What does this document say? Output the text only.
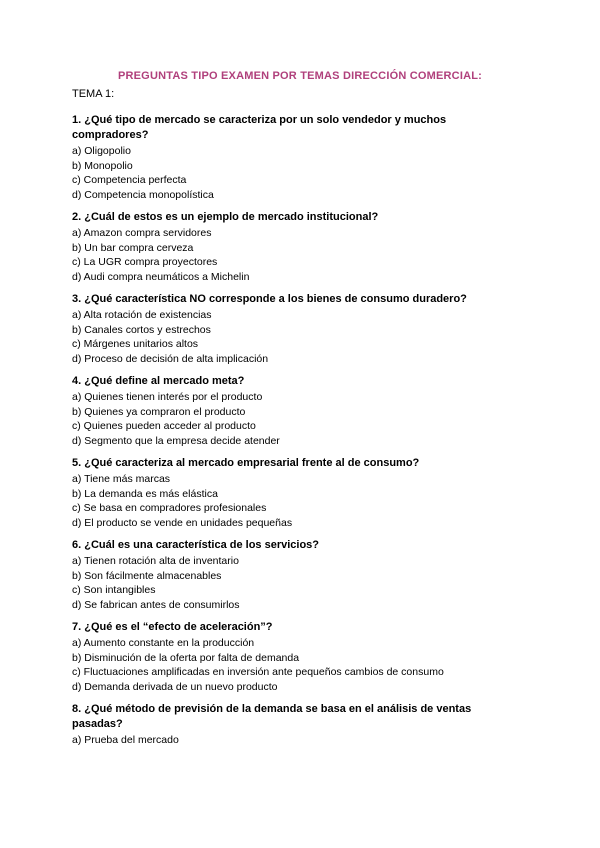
PREGUNTAS TIPO EXAMEN POR TEMAS DIRECCIÓN COMERCIAL:
TEMA 1:

1. ¿Qué tipo de mercado se caracteriza por un solo vendedor y muchos compradores?

a) Oligopolio

b) Monopolio

c) Competencia perfecta

d) Competencia monopolística

2. ¿Cuál de estos es un ejemplo de mercado institucional?

a) Amazon compra servidores

b) Un bar compra cerveza

c) La UGR compra proyectores

d) Audi compra neumáticos a Michelin

3. ¿Qué característica NO corresponde a los bienes de consumo duradero?

a) Alta rotación de existencias

b) Canales cortos y estrechos

c) Márgenes unitarios altos

d) Proceso de decisión de alta implicación

4. ¿Qué define al mercado meta?

a) Quienes tienen interés por el producto

b) Quienes ya compraron el producto

c) Quienes pueden acceder al producto

d) Segmento que la empresa decide atender

5. ¿Qué caracteriza al mercado empresarial frente al de consumo?

a) Tiene más marcas

b) La demanda es más elástica

c) Se basa en compradores profesionales

d) El producto se vende en unidades pequeñas

6. ¿Cuál es una característica de los servicios?

a) Tienen rotación alta de inventario

b) Son fácilmente almacenables

c) Son intangibles

d) Se fabrican antes de consumirlos

7. ¿Qué es el “efecto de aceleración”?

a) Aumento constante en la producción

b) Disminución de la oferta por falta de demanda

c) Fluctuaciones amplificadas en inversión ante pequeños cambios de consumo

d) Demanda derivada de un nuevo producto

8. ¿Qué método de previsión de la demanda se basa en el análisis de ventas pasadas?

a) Prueba del mercado
